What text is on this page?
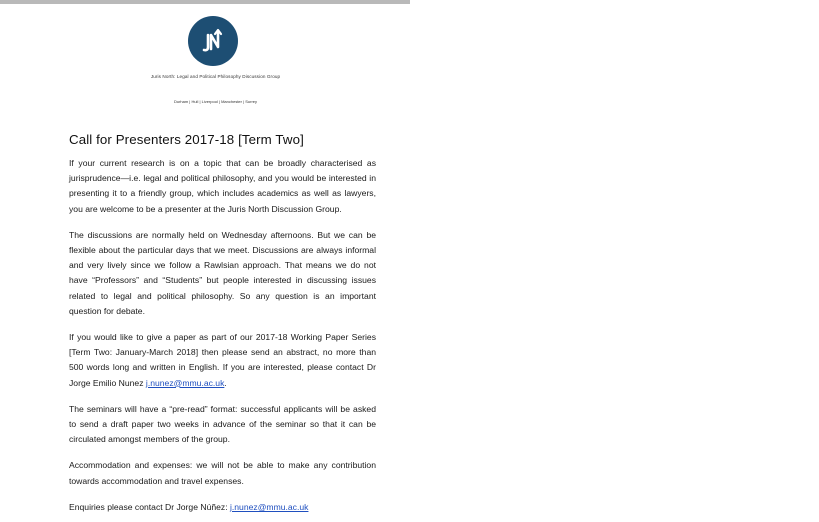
Juris North: Legal and Political Philosophy Discussion Group
Durham | Hull | Liverpool | Manchester | Surrey
Call for Presenters 2017-18 [Term Two]

If your current research is on a topic that can be broadly characterised as jurisprudence—i.e. legal and political philosophy, and you would be interested in presenting it to a friendly group, which includes academics as well as lawyers, you are welcome to be a presenter at the Juris North Discussion Group.

The discussions are normally held on Wednesday afternoons. But we can be flexible about the particular days that we meet. Discussions are always informal and very lively since we follow a Rawlsian approach. That means we do not have “Professors” and “Students” but people interested in discussing issues related to legal and political philosophy. So any question is an important question for debate.

If you would like to give a paper as part of our 2017-18 Working Paper Series [Term Two: January-March 2018] then please send an abstract, no more than 500 words long and written in English. If you are interested, please contact Dr Jorge Emilio Nunez j.nunez@mmu.ac.uk.

The seminars will have a “pre-read” format: successful applicants will be asked to send a draft paper two weeks in advance of the seminar so that it can be circulated amongst members of the group.

Accommodation and expenses: we will not be able to make any contribution towards accommodation and travel expenses.

Enquiries please contact Dr Jorge Núñez: j.nunez@mmu.ac.uk
